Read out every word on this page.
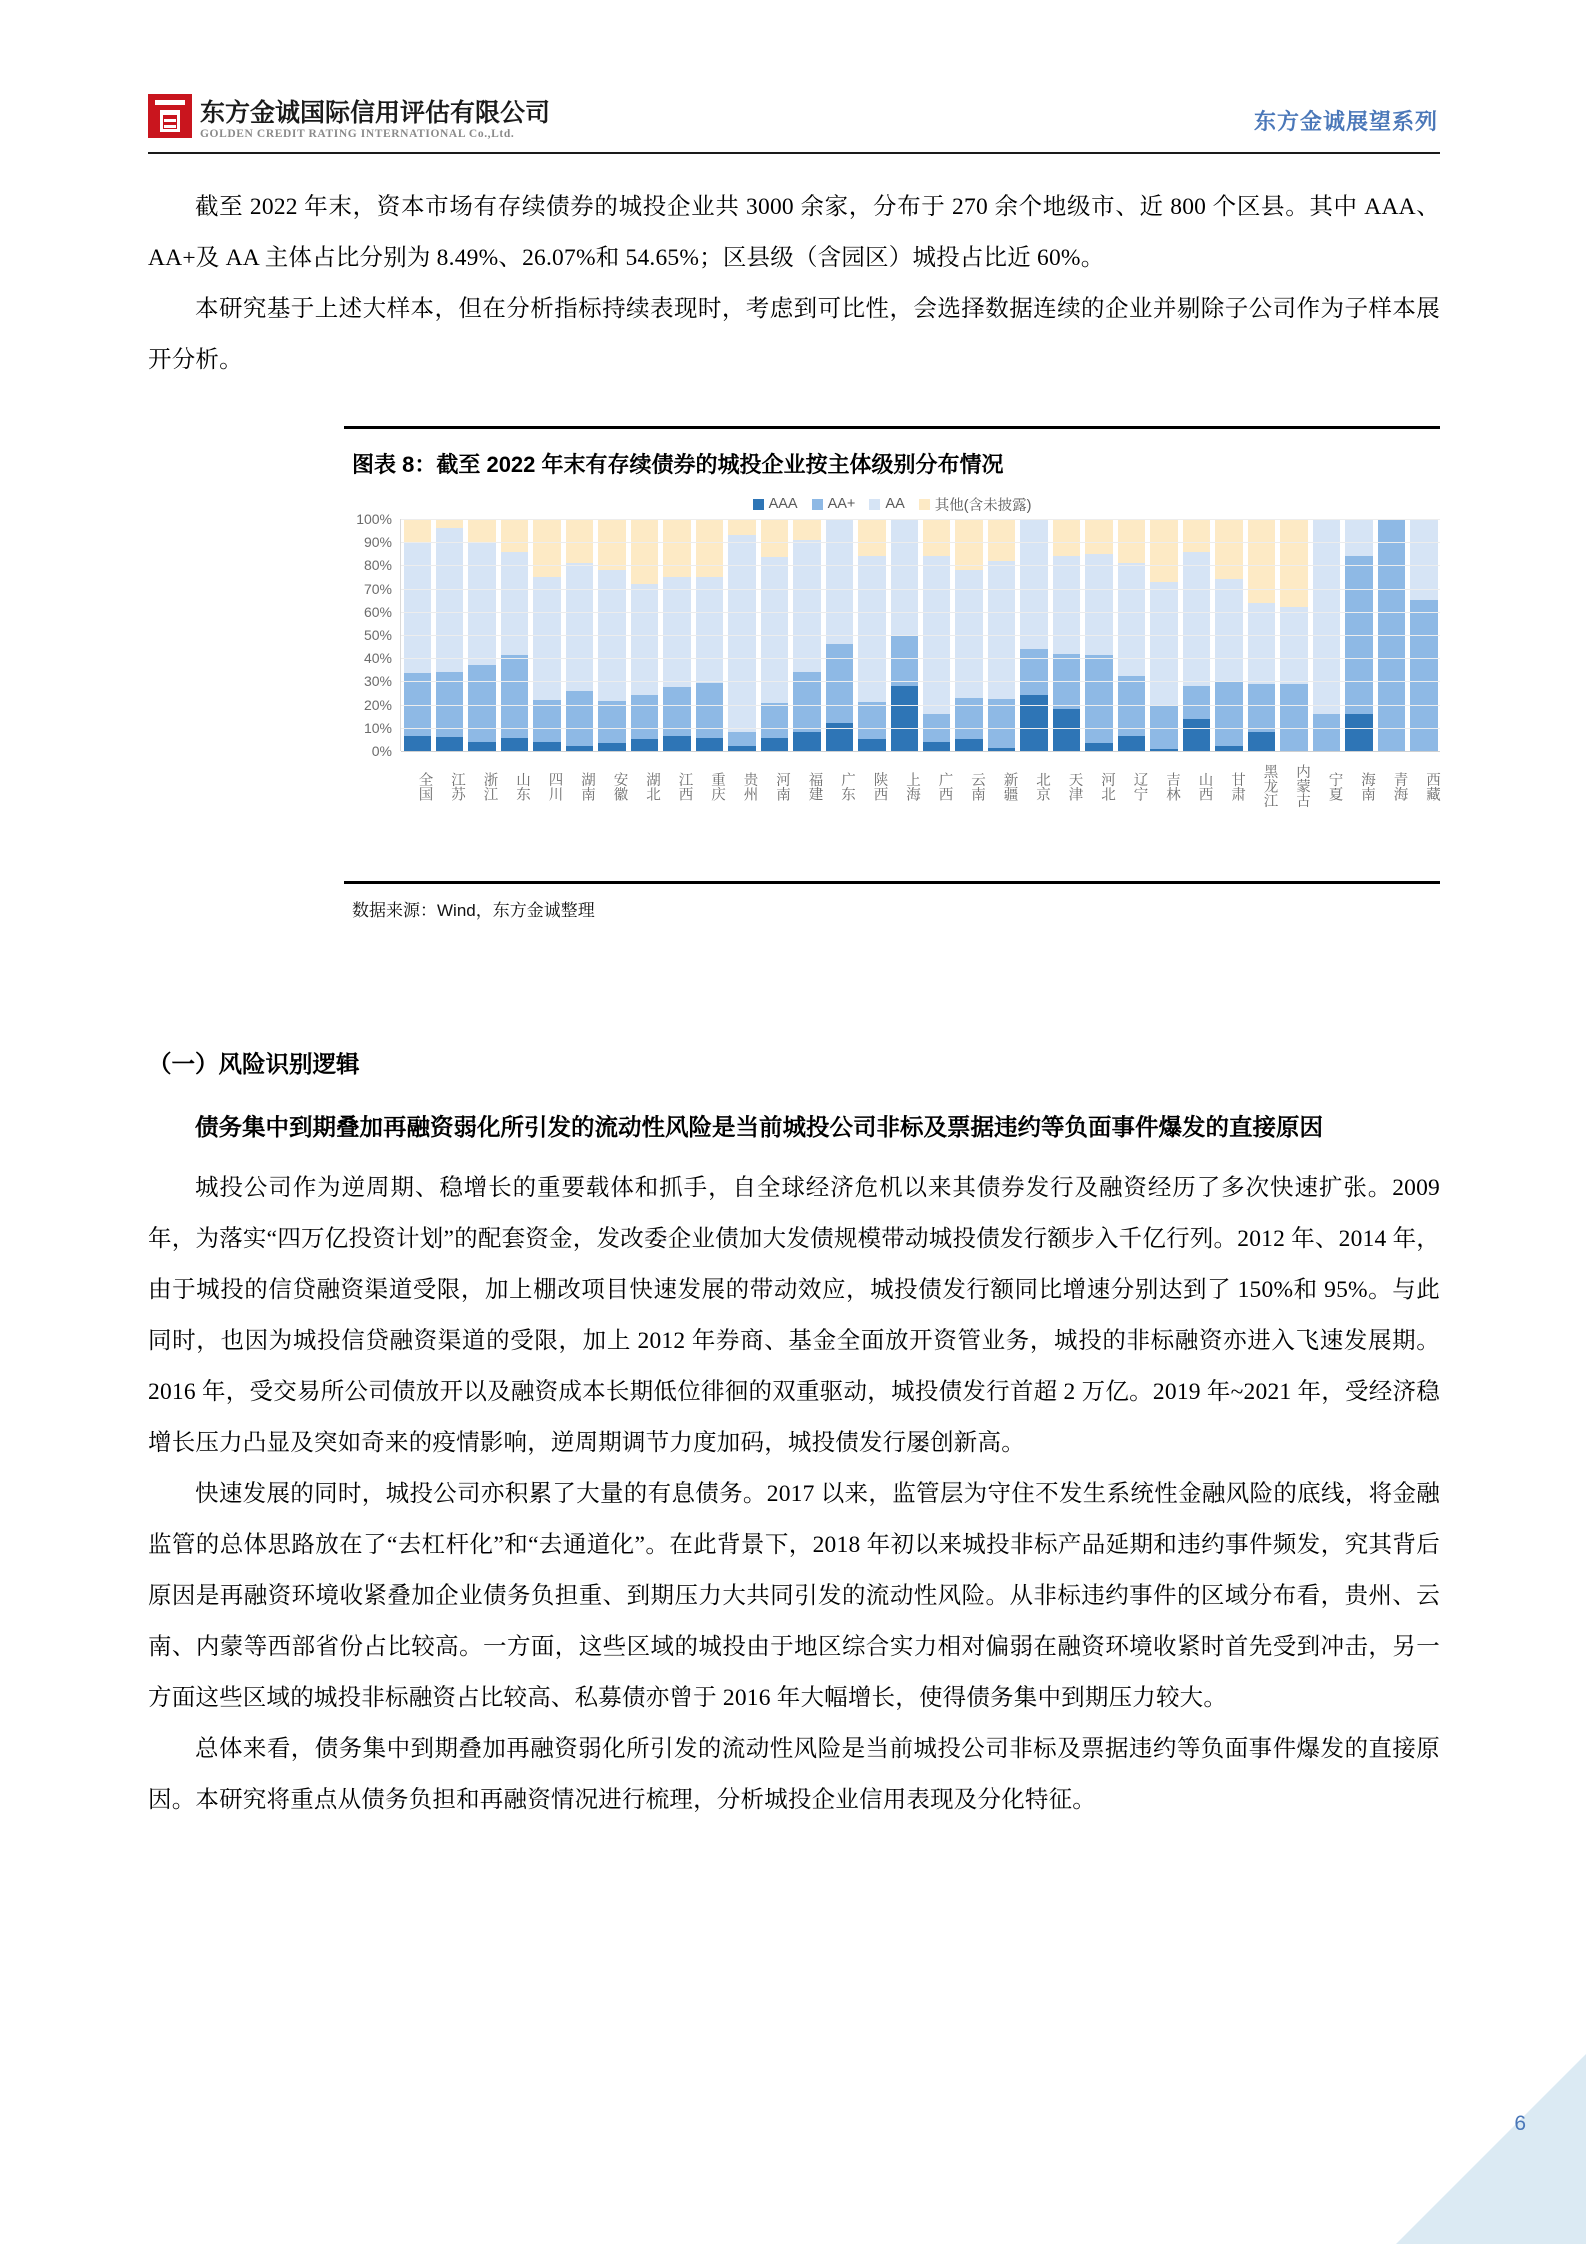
东方金诚国际信用评估有限公司
GOLDEN CREDIT RATING INTERNATIONAL Co.,Ltd.	东方金诚展望系列

截至 2022 年末，资本市场有存续债券的城投企业共 3000 余家，分布于 270 余个地级市、近 800 个区县。其中 AAA、AA+及 AA 主体占比分别为 8.49%、26.07%和 54.65%；区县级（含园区）城投占比近 60%。

本研究基于上述大样本，但在分析指标持续表现时，考虑到可比性，会选择数据连续的企业并剔除子公司作为子样本展开分析。

图表 8：截至 2022 年末有存续债券的城投企业按主体级别分布情况
AAA AA+ AA 其他(含未披露)
0%
10%
20%
30%
40%
50%
60%
70%
80%
90%
100%
全国	江苏	浙江	山东	四川	湖南	安徽	湖北	江西	重庆	贵州	河南	福建	广东	陕西	上海	广西	云南	新疆	北京	天津	河北	辽宁	吉林	山西	甘肃	黑龙江	内蒙古	宁夏	海南	青海	西藏
数据来源：Wind，东方金诚整理
（一）风险识别逻辑
债务集中到期叠加再融资弱化所引发的流动性风险是当前城投公司非标及票据违约等负面事件爆发的直接原因

城投公司作为逆周期、稳增长的重要载体和抓手，自全球经济危机以来其债券发行及融资经历了多次快速扩张。2009 年，为落实“四万亿投资计划”的配套资金，发改委企业债加大发债规模带动城投债发行额步入千亿行列。2012 年、2014 年，由于城投的信贷融资渠道受限，加上棚改项目快速发展的带动效应，城投债发行额同比增速分别达到了 150%和 95%。与此同时，也因为城投信贷融资渠道的受限，加上 2012 年券商、基金全面放开资管业务，城投的非标融资亦进入飞速发展期。2016 年，受交易所公司债放开以及融资成本长期低位徘徊的双重驱动，城投债发行首超 2 万亿。2019 年~2021 年，受经济稳增长压力凸显及突如奇来的疫情影响，逆周期调节力度加码，城投债发行屡创新高。

快速发展的同时，城投公司亦积累了大量的有息债务。2017 以来，监管层为守住不发生系统性金融风险的底线，将金融监管的总体思路放在了“去杠杆化”和“去通道化”。在此背景下，2018 年初以来城投非标产品延期和违约事件频发，究其背后原因是再融资环境收紧叠加企业债务负担重、到期压力大共同引发的流动性风险。从非标违约事件的区域分布看，贵州、云南、内蒙等西部省份占比较高。一方面，这些区域的城投由于地区综合实力相对偏弱在融资环境收紧时首先受到冲击，另一方面这些区域的城投非标融资占比较高、私募债亦曾于 2016 年大幅增长，使得债务集中到期压力较大。

总体来看，债务集中到期叠加再融资弱化所引发的流动性风险是当前城投公司非标及票据违约等负面事件爆发的直接原因。本研究将重点从债务负担和再融资情况进行梳理，分析城投企业信用表现及分化特征。

6
